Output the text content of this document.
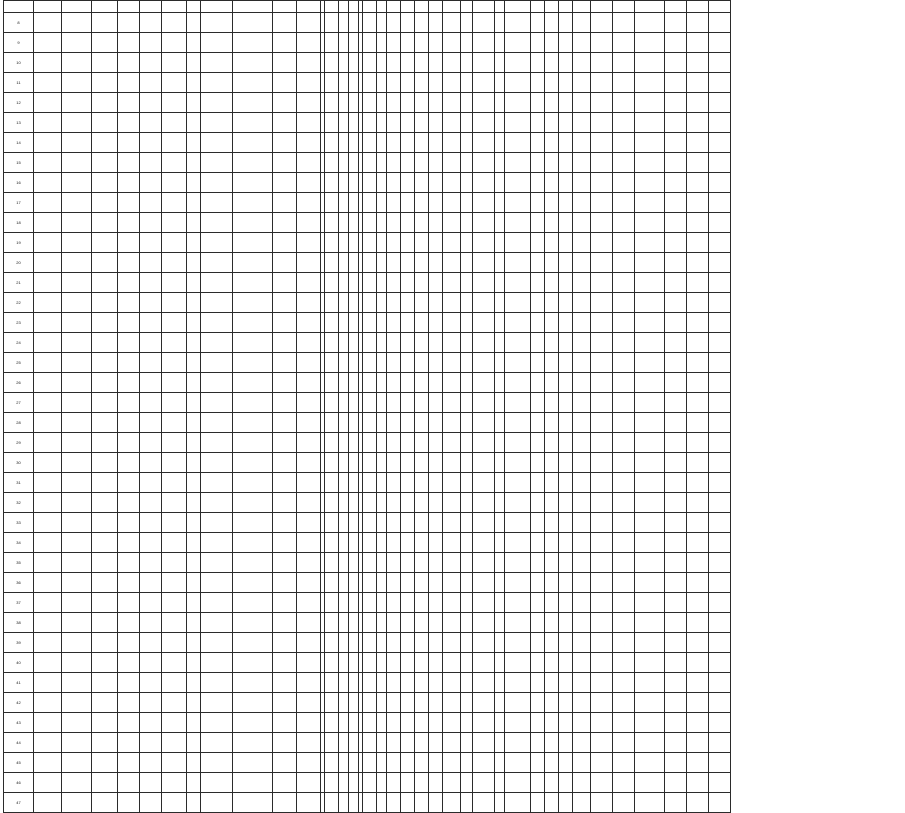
8																																					
9																																					
10																																					
11																																					
12																																					
13																																					
14																																					
15																																					
16																																					
17																																					
18																																					
19																																					
20																																					
21																																					
22																																					
23																																					
24																																					
25																																					
26																																					
27																																					
28																																					
29																																					
30																																					
31																																					
32																																					
33																																					
34																																					
35																																					
36																																					
37																																					
38																																					
39																																					
40																																					
41																																					
42																																					
43																																					
44																																					
45																																					
46																																					
47																																					
